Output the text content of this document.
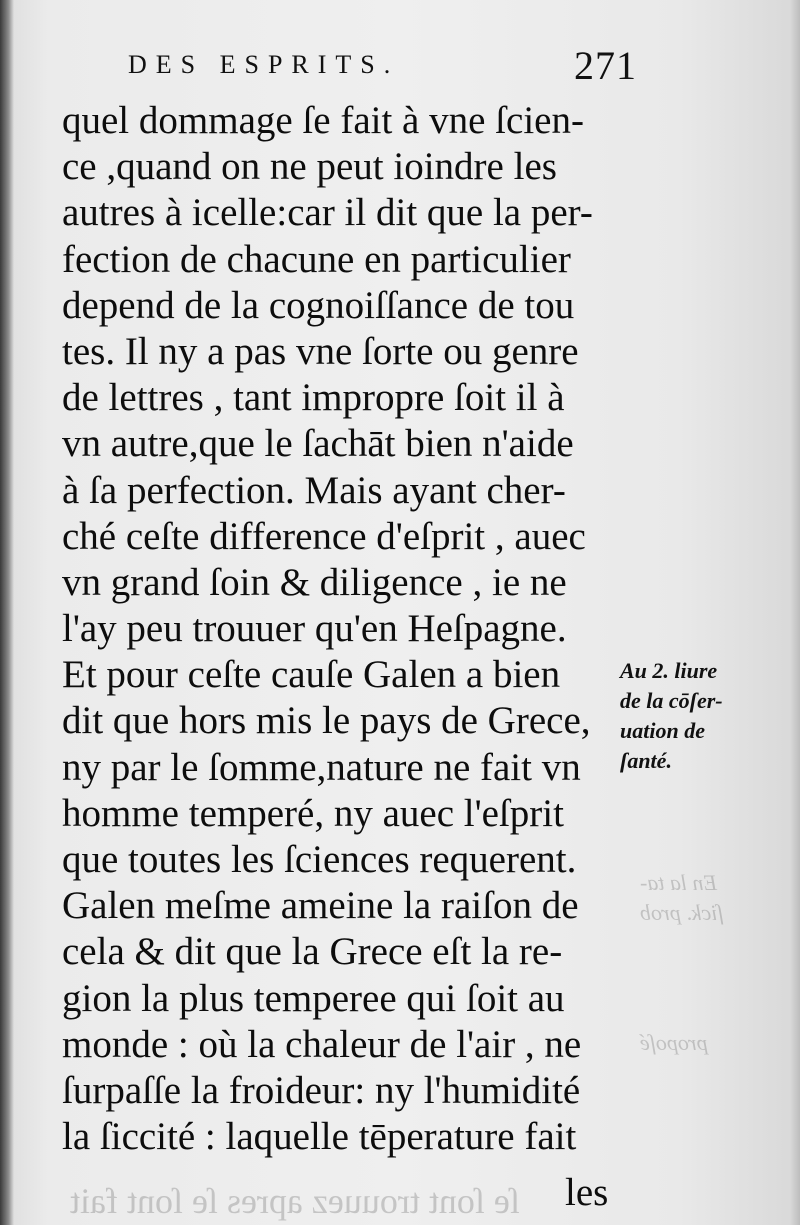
ſe ſont trouuez apres ſe ſont fait
En la ta-
ſick. prob
propoſé
DES ESPRITS.	271
quel dommage ſe fait à vne ſcien-
ce ,quand on ne peut ioindre les
autres à icelle:car il dit que la per-
fection de chacune en particulier
depend de la cognoiſſance de tou
tes. Il ny a pas vne ſorte ou genre
de lettres , tant impropre ſoit il à
vn autre,que le ſachāt bien n'aide
à ſa perfection. Mais ayant cher-
ché ceſte difference d'eſprit , auec
vn grand ſoin & diligence , ie ne
l'ay peu trouuer qu'en Heſpagne.
Et pour ceſte cauſe Galen a bien
dit que hors mis le pays de Grece,
ny par le ſomme,nature ne fait vn
homme temperé, ny auec l'eſprit
que toutes les ſciences requerent.
Galen meſme ameine la raiſon de
cela & dit que la Grece eſt la re-
gion la plus temperee qui ſoit au
monde : où la chaleur de l'air , ne
ſurpaſſe la froideur: ny l'humidité
la ſiccité : laquelle tēperature fait
les
Au 2. liure
de la cōſer-
uation de
ſanté.
